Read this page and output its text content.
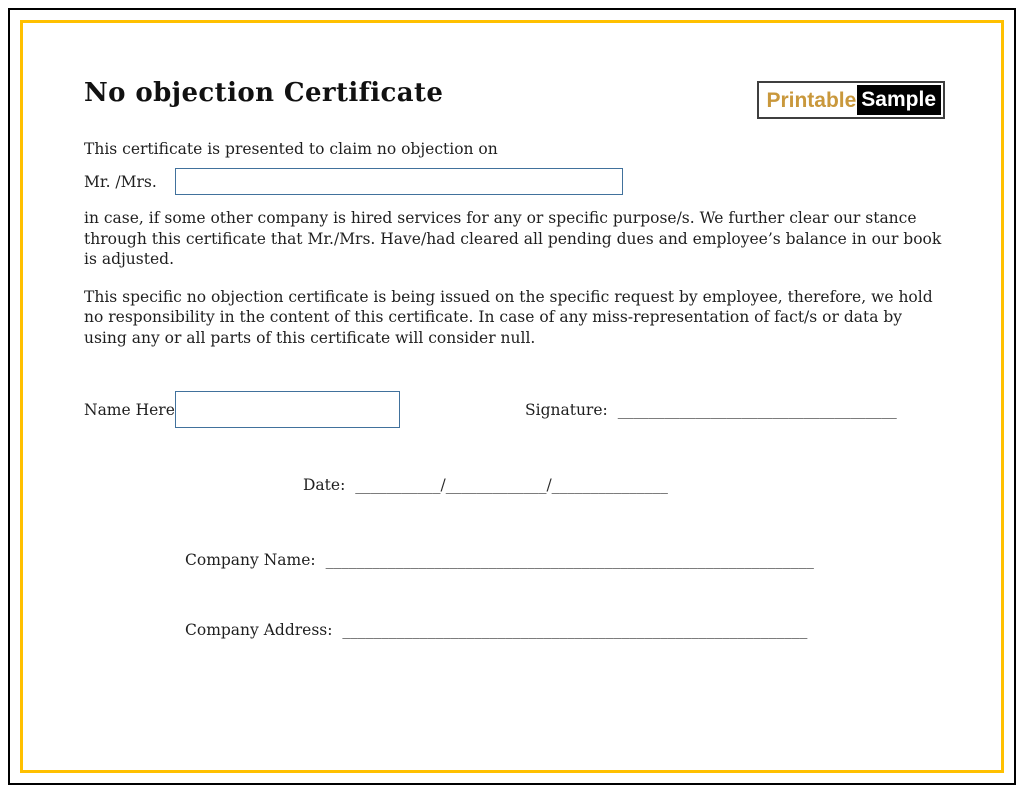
No objection Certificate	Printable Sample

This certificate is presented to claim no objection on

Mr. /Mrs.

in case, if some other company is hired services for any or specific purpose/s. We further clear our stance through this certificate that Mr./Mrs. Have/had cleared all pending dues and employee’s balance in our book is adjusted.

This specific no objection certificate is being issued on the specific request by employee, therefore, we hold no responsibility in the content of this certificate. In case of any miss-representation of fact/s or data by using any or all parts of this certificate will consider null.

Name Here	Signature: ____________________________________
Date: ___________/_____________/_______________
Company Name: _______________________________________________________________
Company Address: ____________________________________________________________
